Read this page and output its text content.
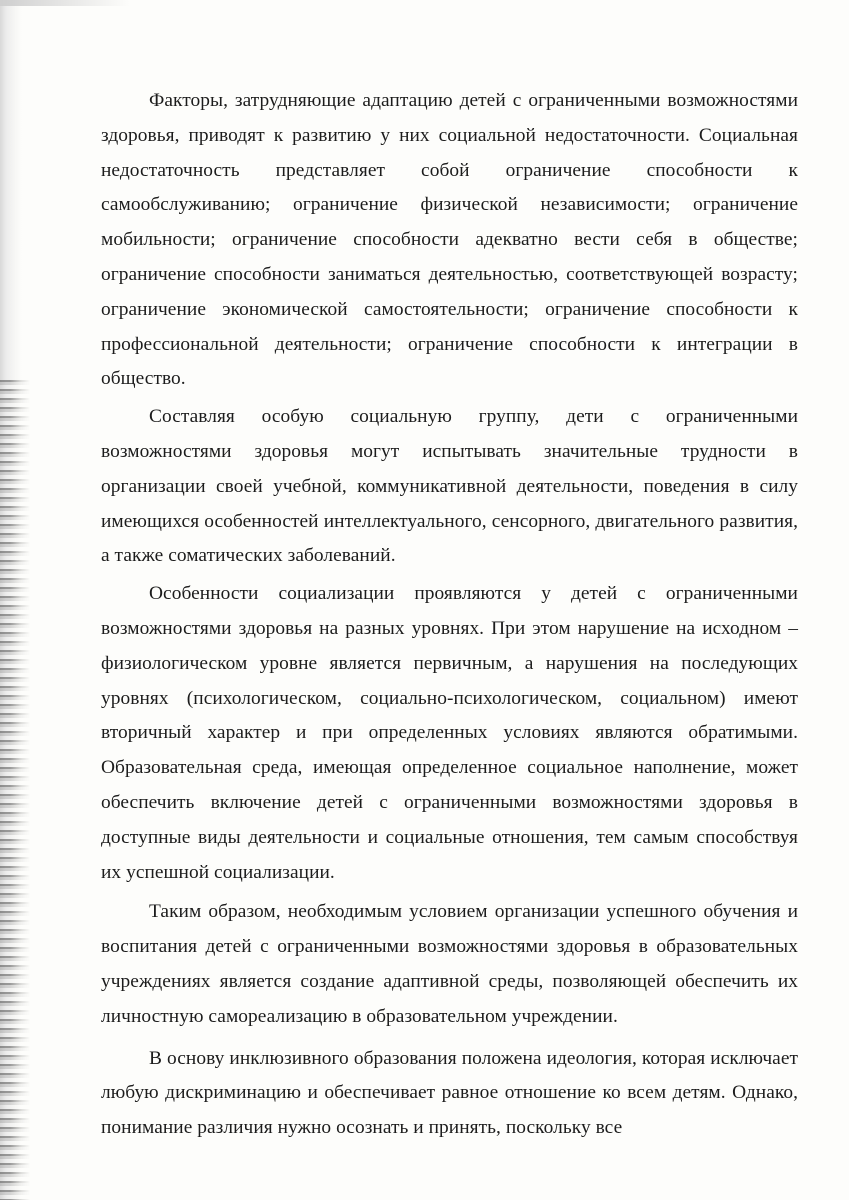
Факторы, затрудняющие адаптацию детей с ограниченными возможностями здоровья, приводят к развитию у них социальной недостаточности. Социальная недостаточность представляет собой ограничение способности к самообслуживанию; ограничение физической независимости; ограничение мобильности; ограничение способности адекватно вести себя в обществе; ограничение способности заниматься деятельностью, соответствующей возрасту; ограничение экономической самостоятельности; ограничение способности к профессиональной деятельности; ограничение способности к интеграции в общество.

Составляя особую социальную группу, дети с ограниченными возможностями здоровья могут испытывать значительные трудности в организации своей учебной, коммуникативной деятельности, поведения в силу имеющихся особенностей интеллектуального, сенсорного, двигательного развития, а также соматических заболеваний.

Особенности социализации проявляются у детей с ограниченными возможностями здоровья на разных уровнях. При этом нарушение на исходном – физиологическом уровне является первичным, а нарушения на последующих уровнях (психологическом, социально-психологическом, социальном) имеют вторичный характер и при определенных условиях являются обратимыми. Образовательная среда, имеющая определенное социальное наполнение, может обеспечить включение детей с ограниченными возможностями здоровья в доступные виды деятельности и социальные отношения, тем самым способствуя их успешной социализации.

Таким образом, необходимым условием организации успешного обучения и воспитания детей с ограниченными возможностями здоровья в образовательных учреждениях является создание адаптивной среды, позволяющей обеспечить их личностную самореализацию в образовательном учреждении.

В основу инклюзивного образования положена идеология, которая исключает любую дискриминацию и обеспечивает равное отношение ко всем детям. Однако, понимание различия нужно осознать и принять, поскольку все
